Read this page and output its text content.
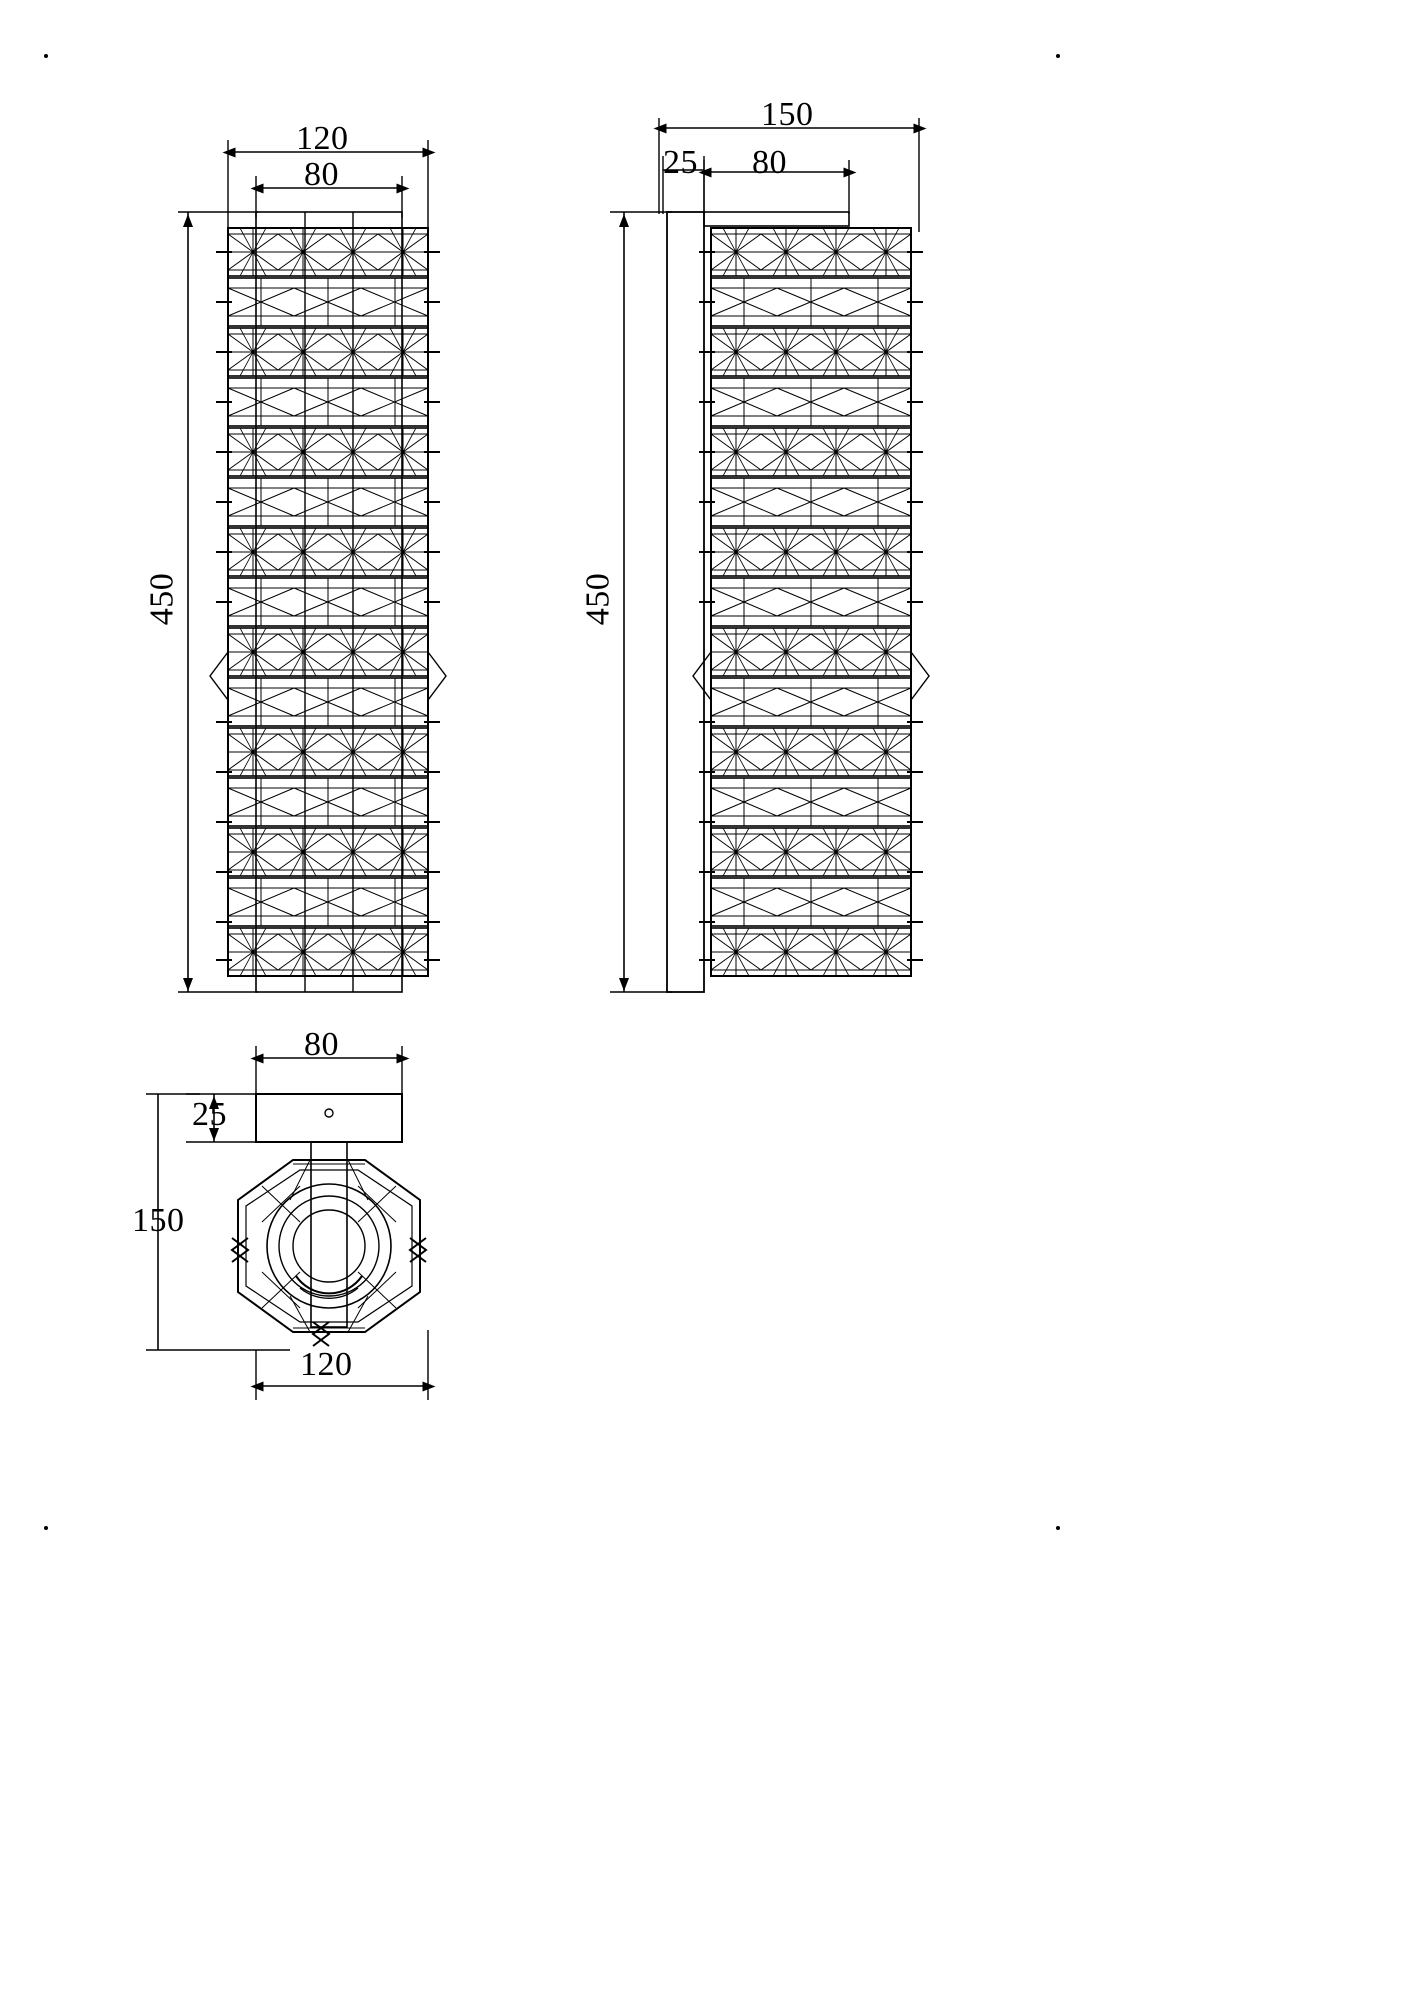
120
80
450
150
25 80
450
80
25
150
120
